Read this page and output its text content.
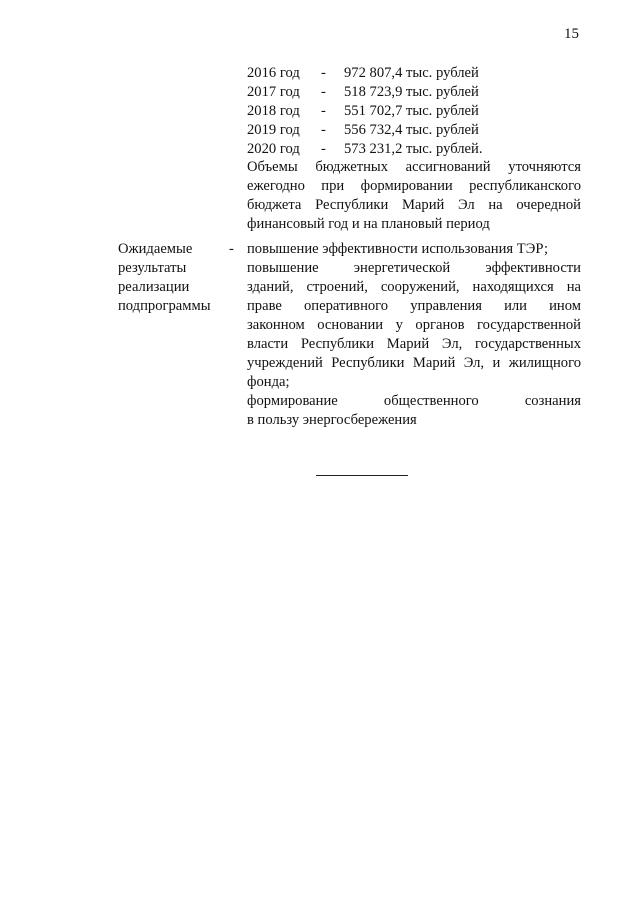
15
2016 год - 972 807,4 тыс. рублей
2017 год - 518 723,9 тыс. рублей
2018 год - 551 702,7 тыс. рублей
2019 год - 556 732,4 тыс. рублей
2020 год - 573 231,2 тыс. рублей.
Объемы бюджетных ассигнований уточняются
ежегодно при формировании республиканского
бюджета Республики Марий Эл на очередной
финансовый год и на плановый период
Ожидаемые
результаты
реализации
подпрограммы
- повышение эффективности использования ТЭР;
повышение энергетической эффективности
зданий, строений, сооружений, находящихся на
праве оперативного управления или ином
законном основании у органов государственной
власти Республики Марий Эл, государственных
учреждений Республики Марий Эл, и жилищного
фонда;
формирование общественного сознания
в пользу энергосбережения
